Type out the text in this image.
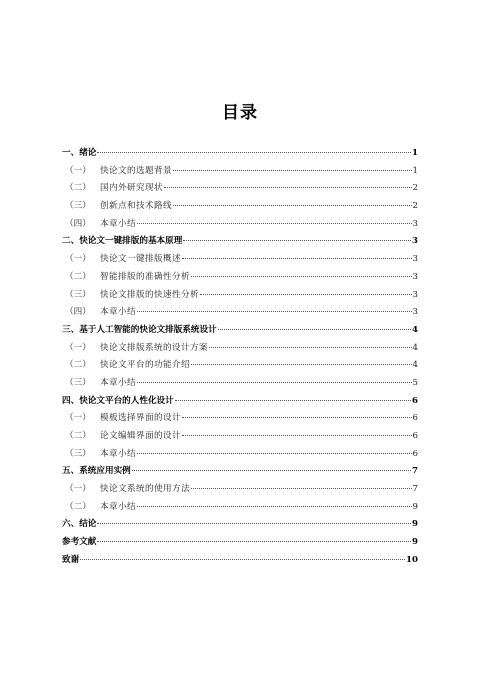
目录
一、 绪论	1
（一）	快论文的选题背景	1
（二）	国内外研究现状	2
（三）	创新点和技术路线	2
（四）	本章小结	3
二、 快论文一键排版的基本原理	3
（一）	快论文一键排版概述	3
（二）	智能排版的准确性分析	3
（三）	快论文排版的快速性分析	3
（四）	本章小结	3
三、 基于人工智能的快论文排版系统设计	4
（一）	快论文排版系统的设计方案	4
（二）	快论文平台的功能介绍	4
（三）	本章小结	5
四、 快论文平台的人性化设计	6
（一）	模板选择界面的设计	6
（二）	论文编辑界面的设计	6
（三）	本章小结	6
五、 系统应用实例	7
（一）	快论文系统的使用方法	7
（二）	本章小结	9
六、 结论	9
参考文献	9
致谢	10
